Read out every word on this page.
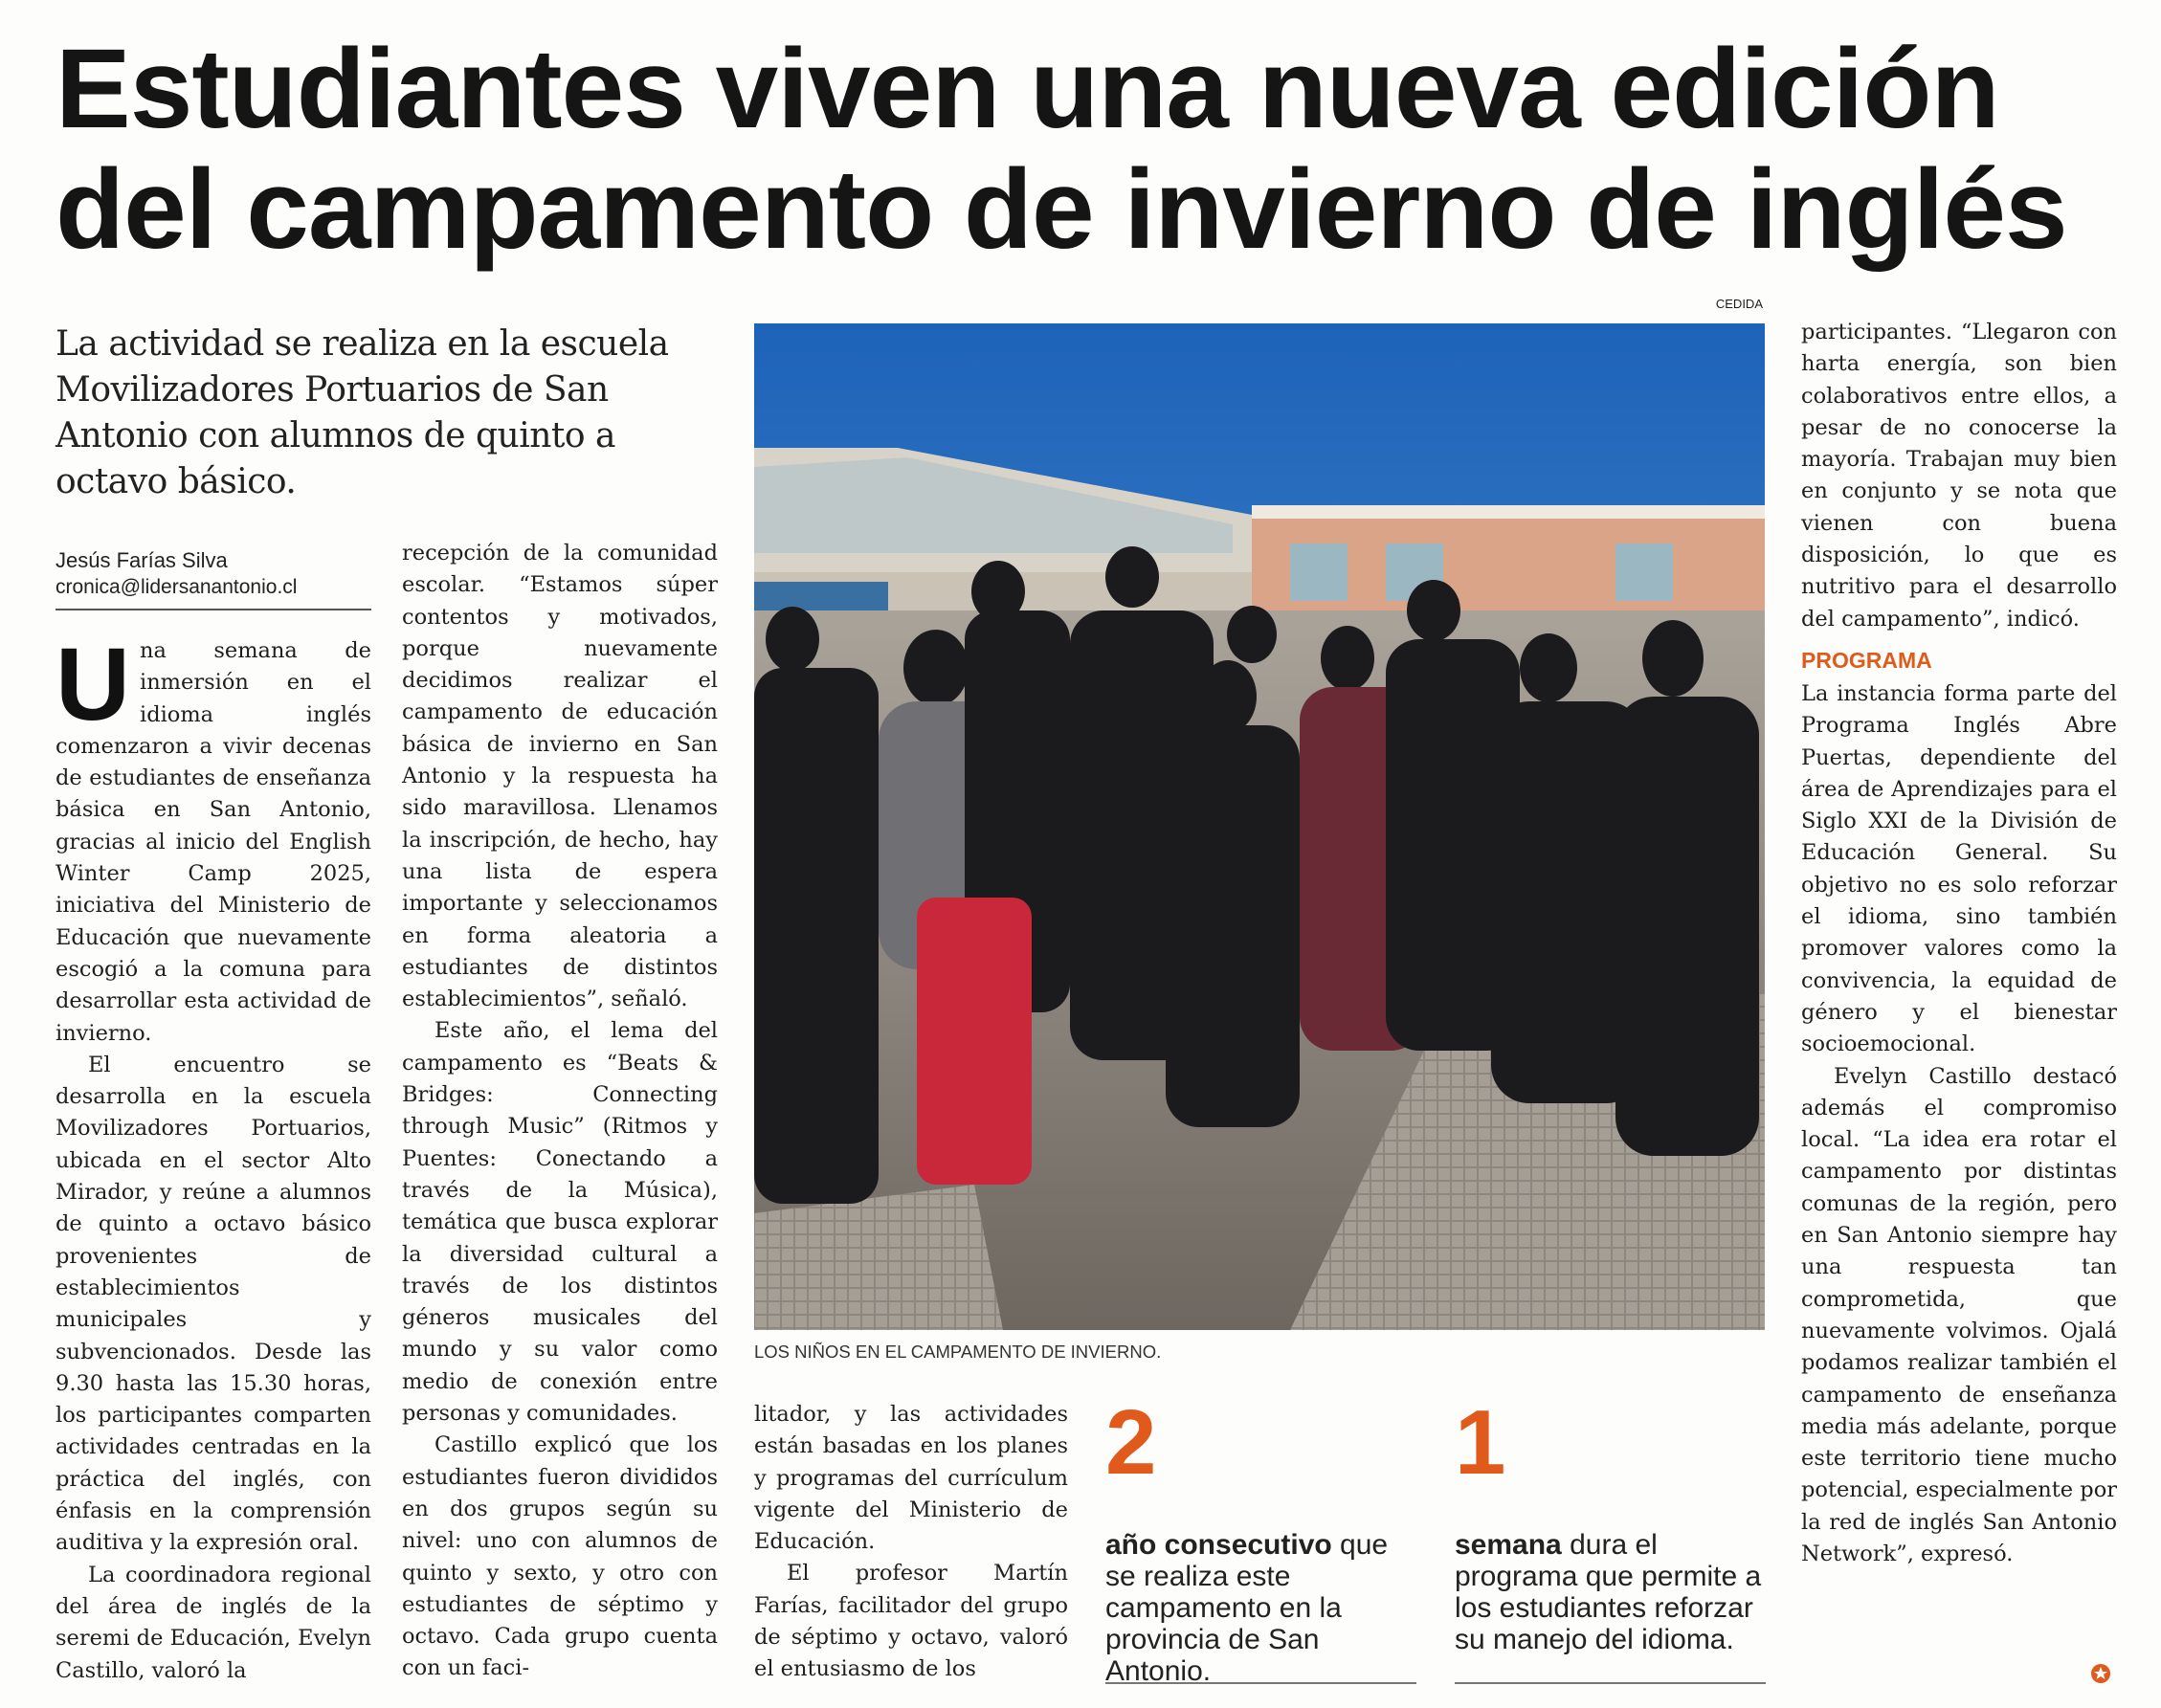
Estudiantes viven una nueva edición
del campamento de invierno de inglés
CEDIDA
La actividad se realiza en la escuela Movilizadores Portuarios de San Antonio con alumnos de quinto a octavo básico.
Jesús Farías Silva
cronica@lidersanantonio.cl

Una semana de inmersión en el idioma inglés comenzaron a vivir decenas de estudiantes de enseñanza básica en San Antonio, gracias al inicio del English Winter Camp 2025, iniciativa del Ministerio de Educación que nuevamente escogió a la comuna para desarrollar esta actividad de invierno.

El encuentro se desarrolla en la escuela Movilizadores Portuarios, ubicada en el sector Alto Mirador, y reúne a alumnos de quinto a octavo básico provenientes de establecimientos municipales y subvencionados. Desde las 9.30 hasta las 15.30 horas, los participantes comparten actividades centradas en la práctica del inglés, con énfasis en la comprensión auditiva y la expresión oral.

La coordinadora regional del área de inglés de la seremi de Educación, Evelyn Castillo, valoró la

recepción de la comunidad escolar. “Estamos súper contentos y motivados, porque nuevamente decidimos realizar el campamento de educación básica de invierno en San Antonio y la respuesta ha sido maravillosa. Llenamos la inscripción, de hecho, hay una lista de espera importante y seleccionamos en forma aleatoria a estudiantes de distintos establecimientos”, señaló.

Este año, el lema del campamento es “Beats & Bridges: Connecting through Music” (Ritmos y Puentes: Conectando a través de la Música), temática que busca explorar la diversidad cultural a través de los distintos géneros musicales del mundo y su valor como medio de conexión entre personas y comunidades.

Castillo explicó que los estudiantes fueron divididos en dos grupos según su nivel: uno con alumnos de quinto y sexto, y otro con estudiantes de séptimo y octavo. Cada grupo cuenta con un faci-

LOS NIÑOS EN EL CAMPAMENTO DE INVIERNO.

litador, y las actividades están basadas en los planes y programas del currículum vigente del Ministerio de Educación.

El profesor Martín Farías, facilitador del grupo de séptimo y octavo, valoró el entusiasmo de los

2
año consecutivo que se realiza este campamento en la provincia de San Antonio.
1
semana dura el programa que permite a los estudiantes reforzar su manejo del idioma.

participantes. “Llegaron con harta energía, son bien colaborativos entre ellos, a pesar de no conocerse la mayoría. Trabajan muy bien en conjunto y se nota que vienen con buena disposición, lo que es nutritivo para el desarrollo del campamento”, indicó.

PROGRAMA

La instancia forma parte del Programa Inglés Abre Puertas, dependiente del área de Aprendizajes para el Siglo XXI de la División de Educación General. Su objetivo no es solo reforzar el idioma, sino también promover valores como la convivencia, la equidad de género y el bienestar socioemocional.

Evelyn Castillo destacó además el compromiso local. “La idea era rotar el campamento por distintas comunas de la región, pero en San Antonio siempre hay una respuesta tan comprometida, que nuevamente volvimos. Ojalá podamos realizar también el campamento de enseñanza media más adelante, porque este territorio tiene mucho potencial, especialmente por la red de inglés San Antonio Network”, expresó.
